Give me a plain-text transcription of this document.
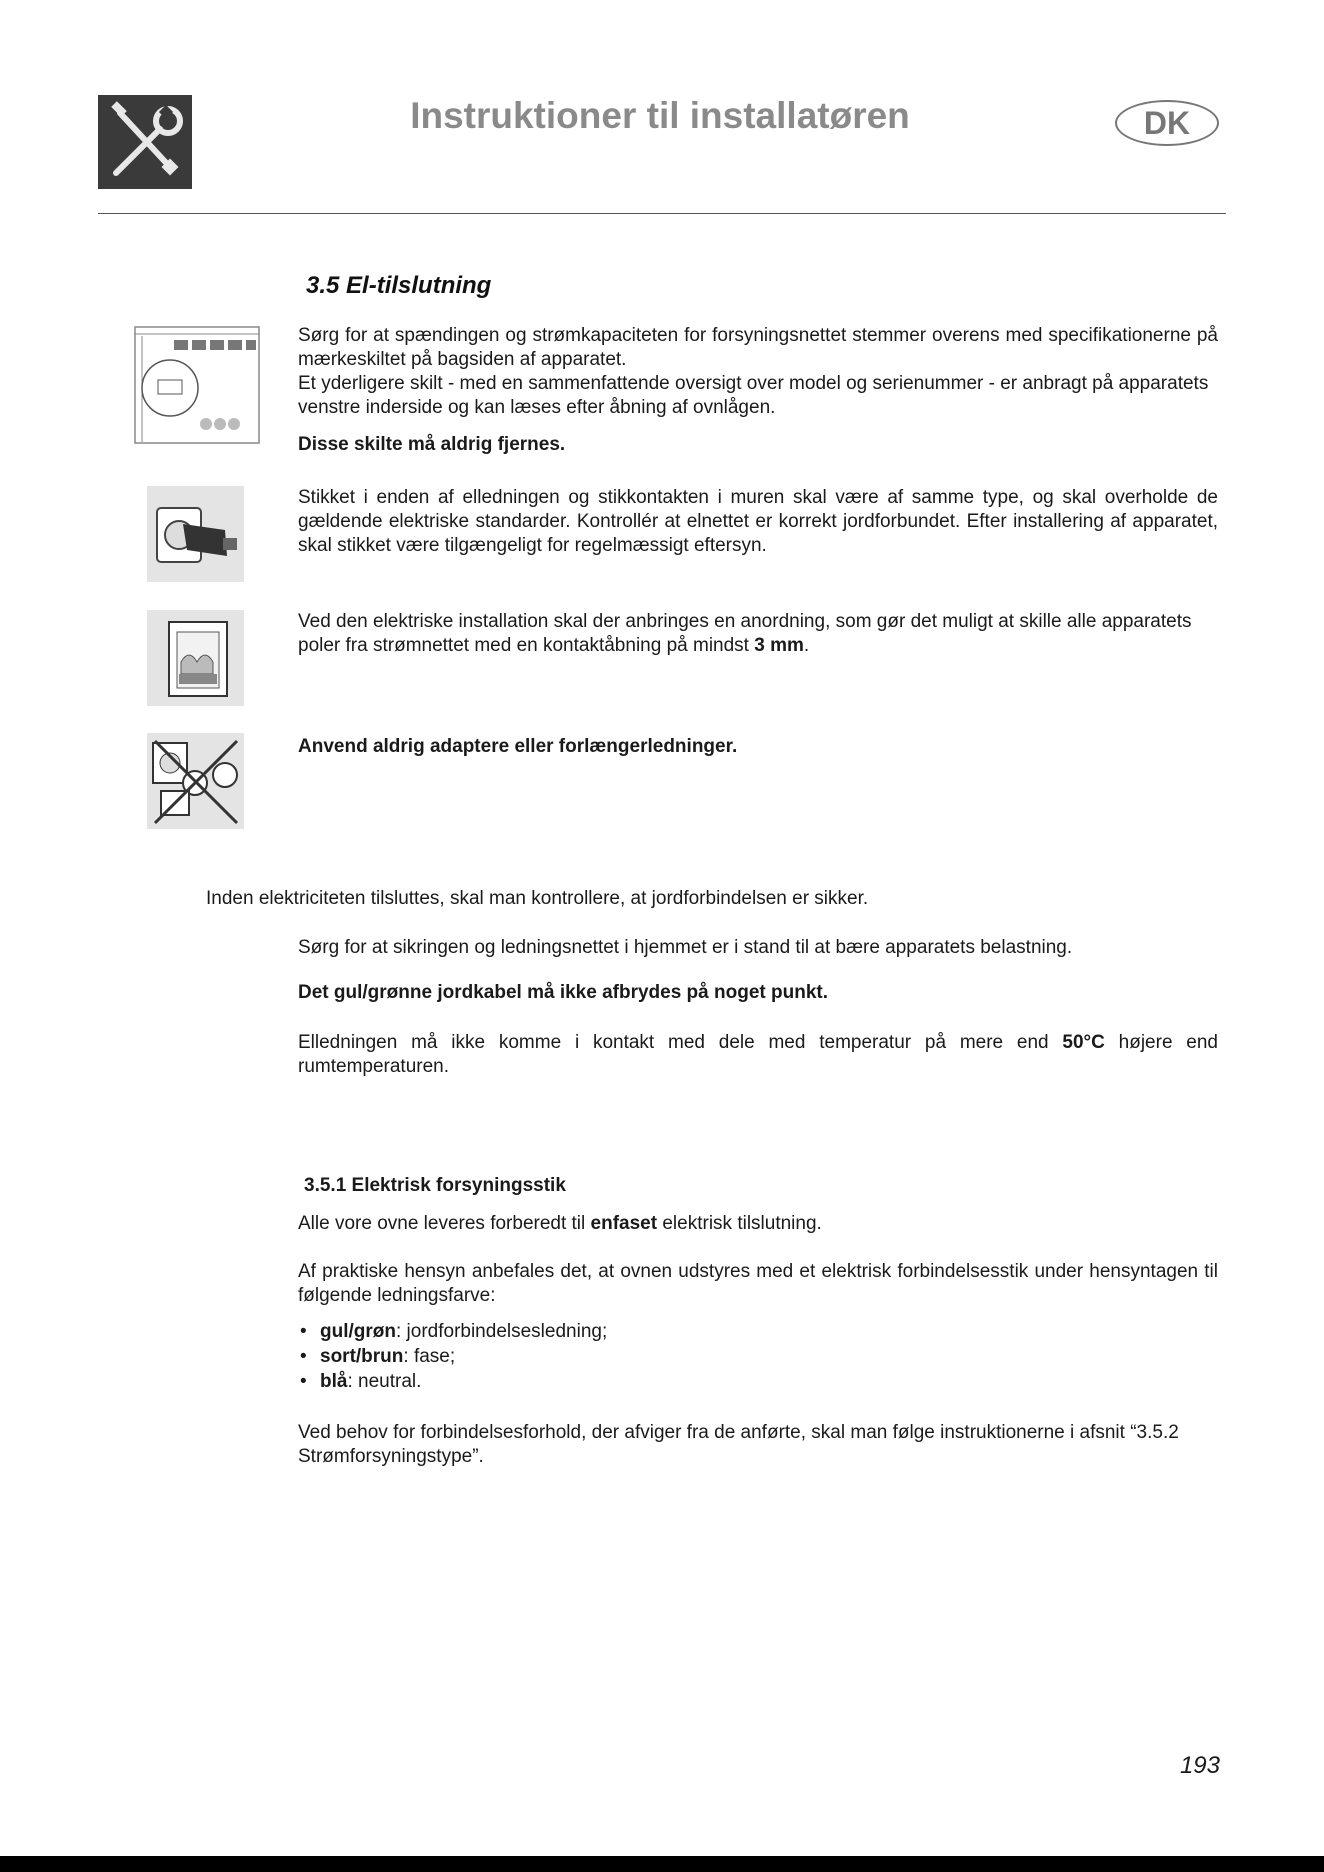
Instruktioner til installatøren	DK
3.5 El-tilslutning
Sørg for at spændingen og strømkapaciteten for forsyningsnettet stemmer overens med specifikationerne på mærkeskiltet på bagsiden af apparatet.
Et yderligere skilt - med en sammenfattende oversigt over model og serienummer - er anbragt på apparatets venstre inderside og kan læses efter åbning af ovnlågen.
Disse skilte må aldrig fjernes.
Stikket i enden af elledningen og stikkontakten i muren skal være af samme type, og skal overholde de gældende elektriske standarder. Kontrollér at elnettet er korrekt jordforbundet. Efter installering af apparatet, skal stikket være tilgængeligt for regelmæssigt eftersyn.
Ved den elektriske installation skal der anbringes en anordning, som gør det muligt at skille alle apparatets poler fra strømnettet med en kontaktåbning på mindst 3 mm.
Anvend aldrig adaptere eller forlængerledninger.
Inden elektriciteten tilsluttes, skal man kontrollere, at jordforbindelsen er sikker.
Sørg for at sikringen og ledningsnettet i hjemmet er i stand til at bære apparatets belastning.
Det gul/grønne jordkabel må ikke afbrydes på noget punkt.
Elledningen må ikke komme i kontakt med dele med temperatur på mere end 50°C højere end rumtemperaturen.
3.5.1 Elektrisk forsyningsstik
Alle vore ovne leveres forberedt til enfaset elektrisk tilslutning.
Af praktiske hensyn anbefales det, at ovnen udstyres med et elektrisk forbindelsesstik under hensyntagen til følgende ledningsfarve:
• gul/grøn: jordforbindelsesledning;
• sort/brun: fase;
• blå: neutral.
Ved behov for forbindelsesforhold, der afviger fra de anførte, skal man følge instruktionerne i afsnit “3.5.2 Strømforsyningstype”.
193
